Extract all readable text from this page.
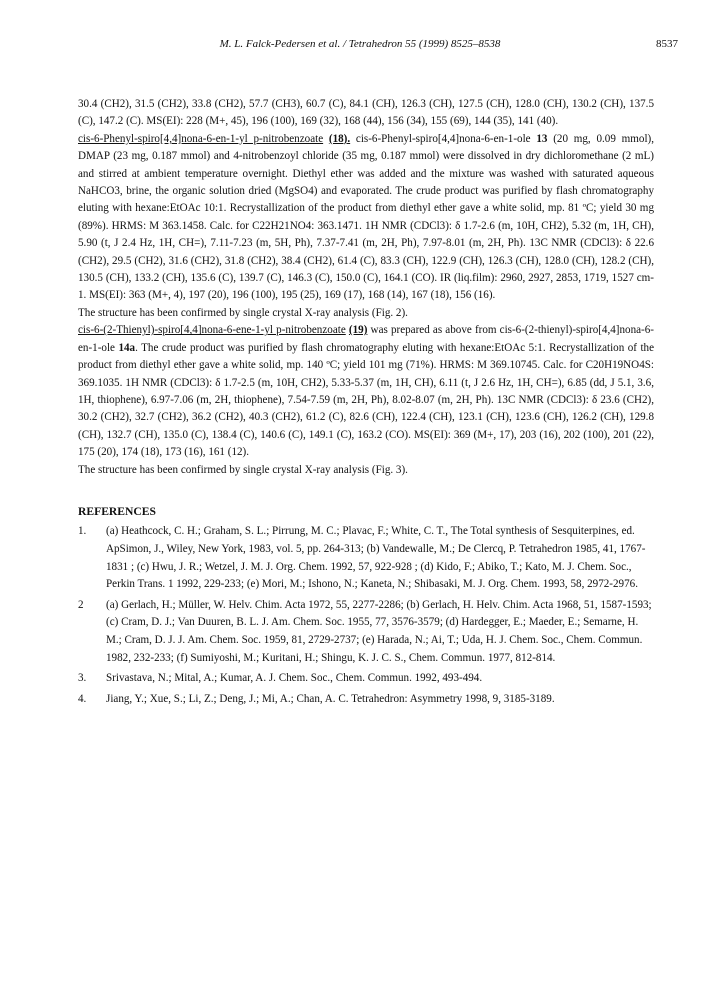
M. L. Falck-Pedersen et al. / Tetrahedron 55 (1999) 8525–8538	8537

30.4 (CH2), 31.5 (CH2), 33.8 (CH2), 57.7 (CH3), 60.7 (C), 84.1 (CH), 126.3 (CH), 127.5 (CH), 128.0 (CH), 130.2 (CH), 137.5 (C), 147.2 (C). MS(EI): 228 (M+, 45), 196 (100), 169 (32), 168 (44), 156 (34), 155 (69), 144 (35), 141 (40).

cis-6-Phenyl-spiro[4,4]nona-6-en-1-yl p-nitrobenzoate (18). cis-6-Phenyl-spiro[4,4]nona-6-en-1-ole 13 (20 mg, 0.09 mmol), DMAP (23 mg, 0.187 mmol) and 4-nitrobenzoyl chloride (35 mg, 0.187 mmol) were dissolved in dry dichloromethane (2 mL) and stirred at ambient temperature overnight. Diethyl ether was added and the mixture was washed with saturated aqueous NaHCO3, brine, the organic solution dried (MgSO4) and evaporated. The crude product was purified by flash chromatography eluting with hexane:EtOAc 10:1. Recrystallization of the product from diethyl ether gave a white solid, mp. 81 ºC; yield 30 mg (89%). HRMS: M 363.1458. Calc. for C22H21NO4: 363.1471. 1H NMR (CDCl3): δ 1.7-2.6 (m, 10H, CH2), 5.32 (m, 1H, CH), 5.90 (t, J 2.4 Hz, 1H, CH=), 7.11-7.23 (m, 5H, Ph), 7.37-7.41 (m, 2H, Ph), 7.97-8.01 (m, 2H, Ph). 13C NMR (CDCl3): δ 22.6 (CH2), 29.5 (CH2), 31.6 (CH2), 31.8 (CH2), 38.4 (CH2), 61.4 (C), 83.3 (CH), 122.9 (CH), 126.3 (CH), 128.0 (CH), 128.2 (CH), 130.5 (CH), 133.2 (CH), 135.6 (C), 139.7 (C), 146.3 (C), 150.0 (C), 164.1 (CO). IR (liq.film): 2960, 2927, 2853, 1719, 1527 cm-1. MS(EI): 363 (M+, 4), 197 (20), 196 (100), 195 (25), 169 (17), 168 (14), 167 (18), 156 (16).

The structure has been confirmed by single crystal X-ray analysis (Fig. 2).

cis-6-(2-Thienyl)-spiro[4,4]nona-6-ene-1-yl p-nitrobenzoate (19) was prepared as above from cis-6-(2-thienyl)-spiro[4,4]nona-6-en-1-ole 14a. The crude product was purified by flash chromatography eluting with hexane:EtOAc 5:1. Recrystallization of the product from diethyl ether gave a white solid, mp. 140 ºC; yield 101 mg (71%). HRMS: M 369.10745. Calc. for C20H19NO4S: 369.1035. 1H NMR (CDCl3): δ 1.7-2.5 (m, 10H, CH2), 5.33-5.37 (m, 1H, CH), 6.11 (t, J 2.6 Hz, 1H, CH=), 6.85 (dd, J 5.1, 3.6, 1H, thiophene), 6.97-7.06 (m, 2H, thiophene), 7.54-7.59 (m, 2H, Ph), 8.02-8.07 (m, 2H, Ph). 13C NMR (CDCl3): δ 23.6 (CH2), 30.2 (CH2), 32.7 (CH2), 36.2 (CH2), 40.3 (CH2), 61.2 (C), 82.6 (CH), 122.4 (CH), 123.1 (CH), 123.6 (CH), 126.2 (CH), 129.8 (CH), 132.7 (CH), 135.0 (C), 138.4 (C), 140.6 (C), 149.1 (C), 163.2 (CO). MS(EI): 369 (M+, 17), 203 (16), 202 (100), 201 (22), 175 (20), 174 (18), 173 (16), 161 (12).

The structure has been confirmed by single crystal X-ray analysis (Fig. 3).

REFERENCES
1.	(a) Heathcock, C. H.; Graham, S. L.; Pirrung, M. C.; Plavac, F.; White, C. T., The Total synthesis of Sesquiterpines, ed. ApSimon, J., Wiley, New York, 1983, vol. 5, pp. 264-313; (b) Vandewalle, M.; De Clercq, P. Tetrahedron 1985, 41, 1767-1831 ; (c) Hwu, J. R.; Wetzel, J. M. J. Org. Chem. 1992, 57, 922-928 ; (d) Kido, F.; Abiko, T.; Kato, M. J. Chem. Soc., Perkin Trans. 1 1992, 229-233; (e) Mori, M.; Ishono, N.; Kaneta, N.; Shibasaki, M. J. Org. Chem. 1993, 58, 2972-2976.
2	(a) Gerlach, H.; Müller, W. Helv. Chim. Acta 1972, 55, 2277-2286; (b) Gerlach, H. Helv. Chim. Acta 1968, 51, 1587-1593; (c) Cram, D. J.; Van Duuren, B. L. J. Am. Chem. Soc. 1955, 77, 3576-3579; (d) Hardegger, E.; Maeder, E.; Semarne, H. M.; Cram, D. J. J. Am. Chem. Soc. 1959, 81, 2729-2737; (e) Harada, N.; Ai, T.; Uda, H. J. Chem. Soc., Chem. Commun. 1982, 232-233; (f) Sumiyoshi, M.; Kuritani, H.; Shingu, K. J. C. S., Chem. Commun. 1977, 812-814.
3.	Srivastava, N.; Mital, A.; Kumar, A. J. Chem. Soc., Chem. Commun. 1992, 493-494.
4.	Jiang, Y.; Xue, S.; Li, Z.; Deng, J.; Mi, A.; Chan, A. C. Tetrahedron: Asymmetry 1998, 9, 3185-3189.
